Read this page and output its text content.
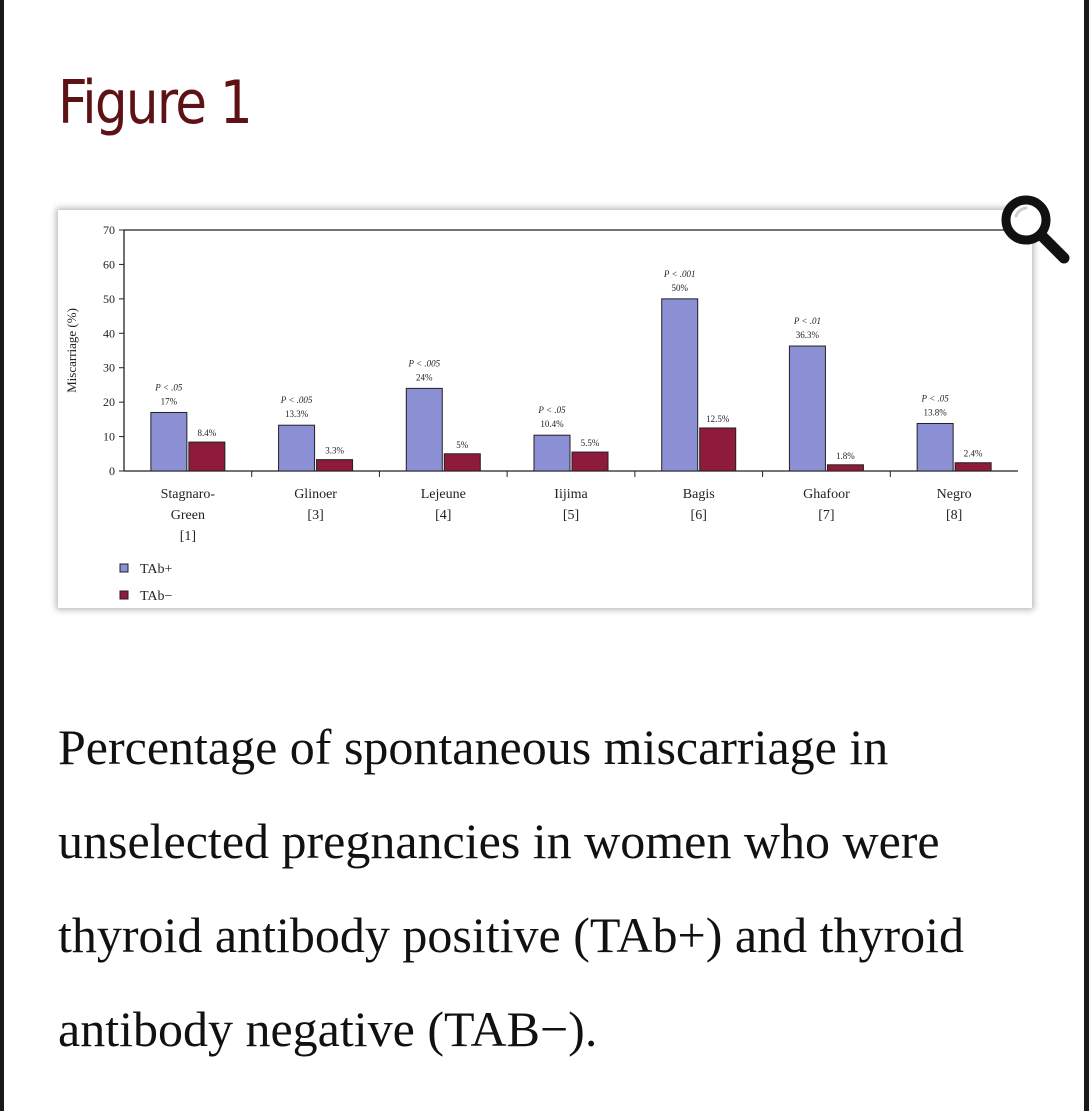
Figure 1
0
10
20
30
40
50
60
70
Miscarriage (%)
17%
P < .05
8.4%
Stagnaro-
Green
[1]
13.3%
P < .005
3.3%
Glinoer
[3]
24%
P < .005
5%
Lejeune
[4]
10.4%
P < .05
5.5%
Iijima
[5]
50%
P < .001
12.5%
Bagis
[6]
36.3%
P < .01
1.8%
Ghafoor
[7]
13.8%
P < .05
2.4%
Negro
[8]
TAb+
TAb−

Percentage of spontaneous miscarriage in unselected pregnancies in women who were thyroid antibody positive (TAb+) and thyroid antibody negative (TAB−).
